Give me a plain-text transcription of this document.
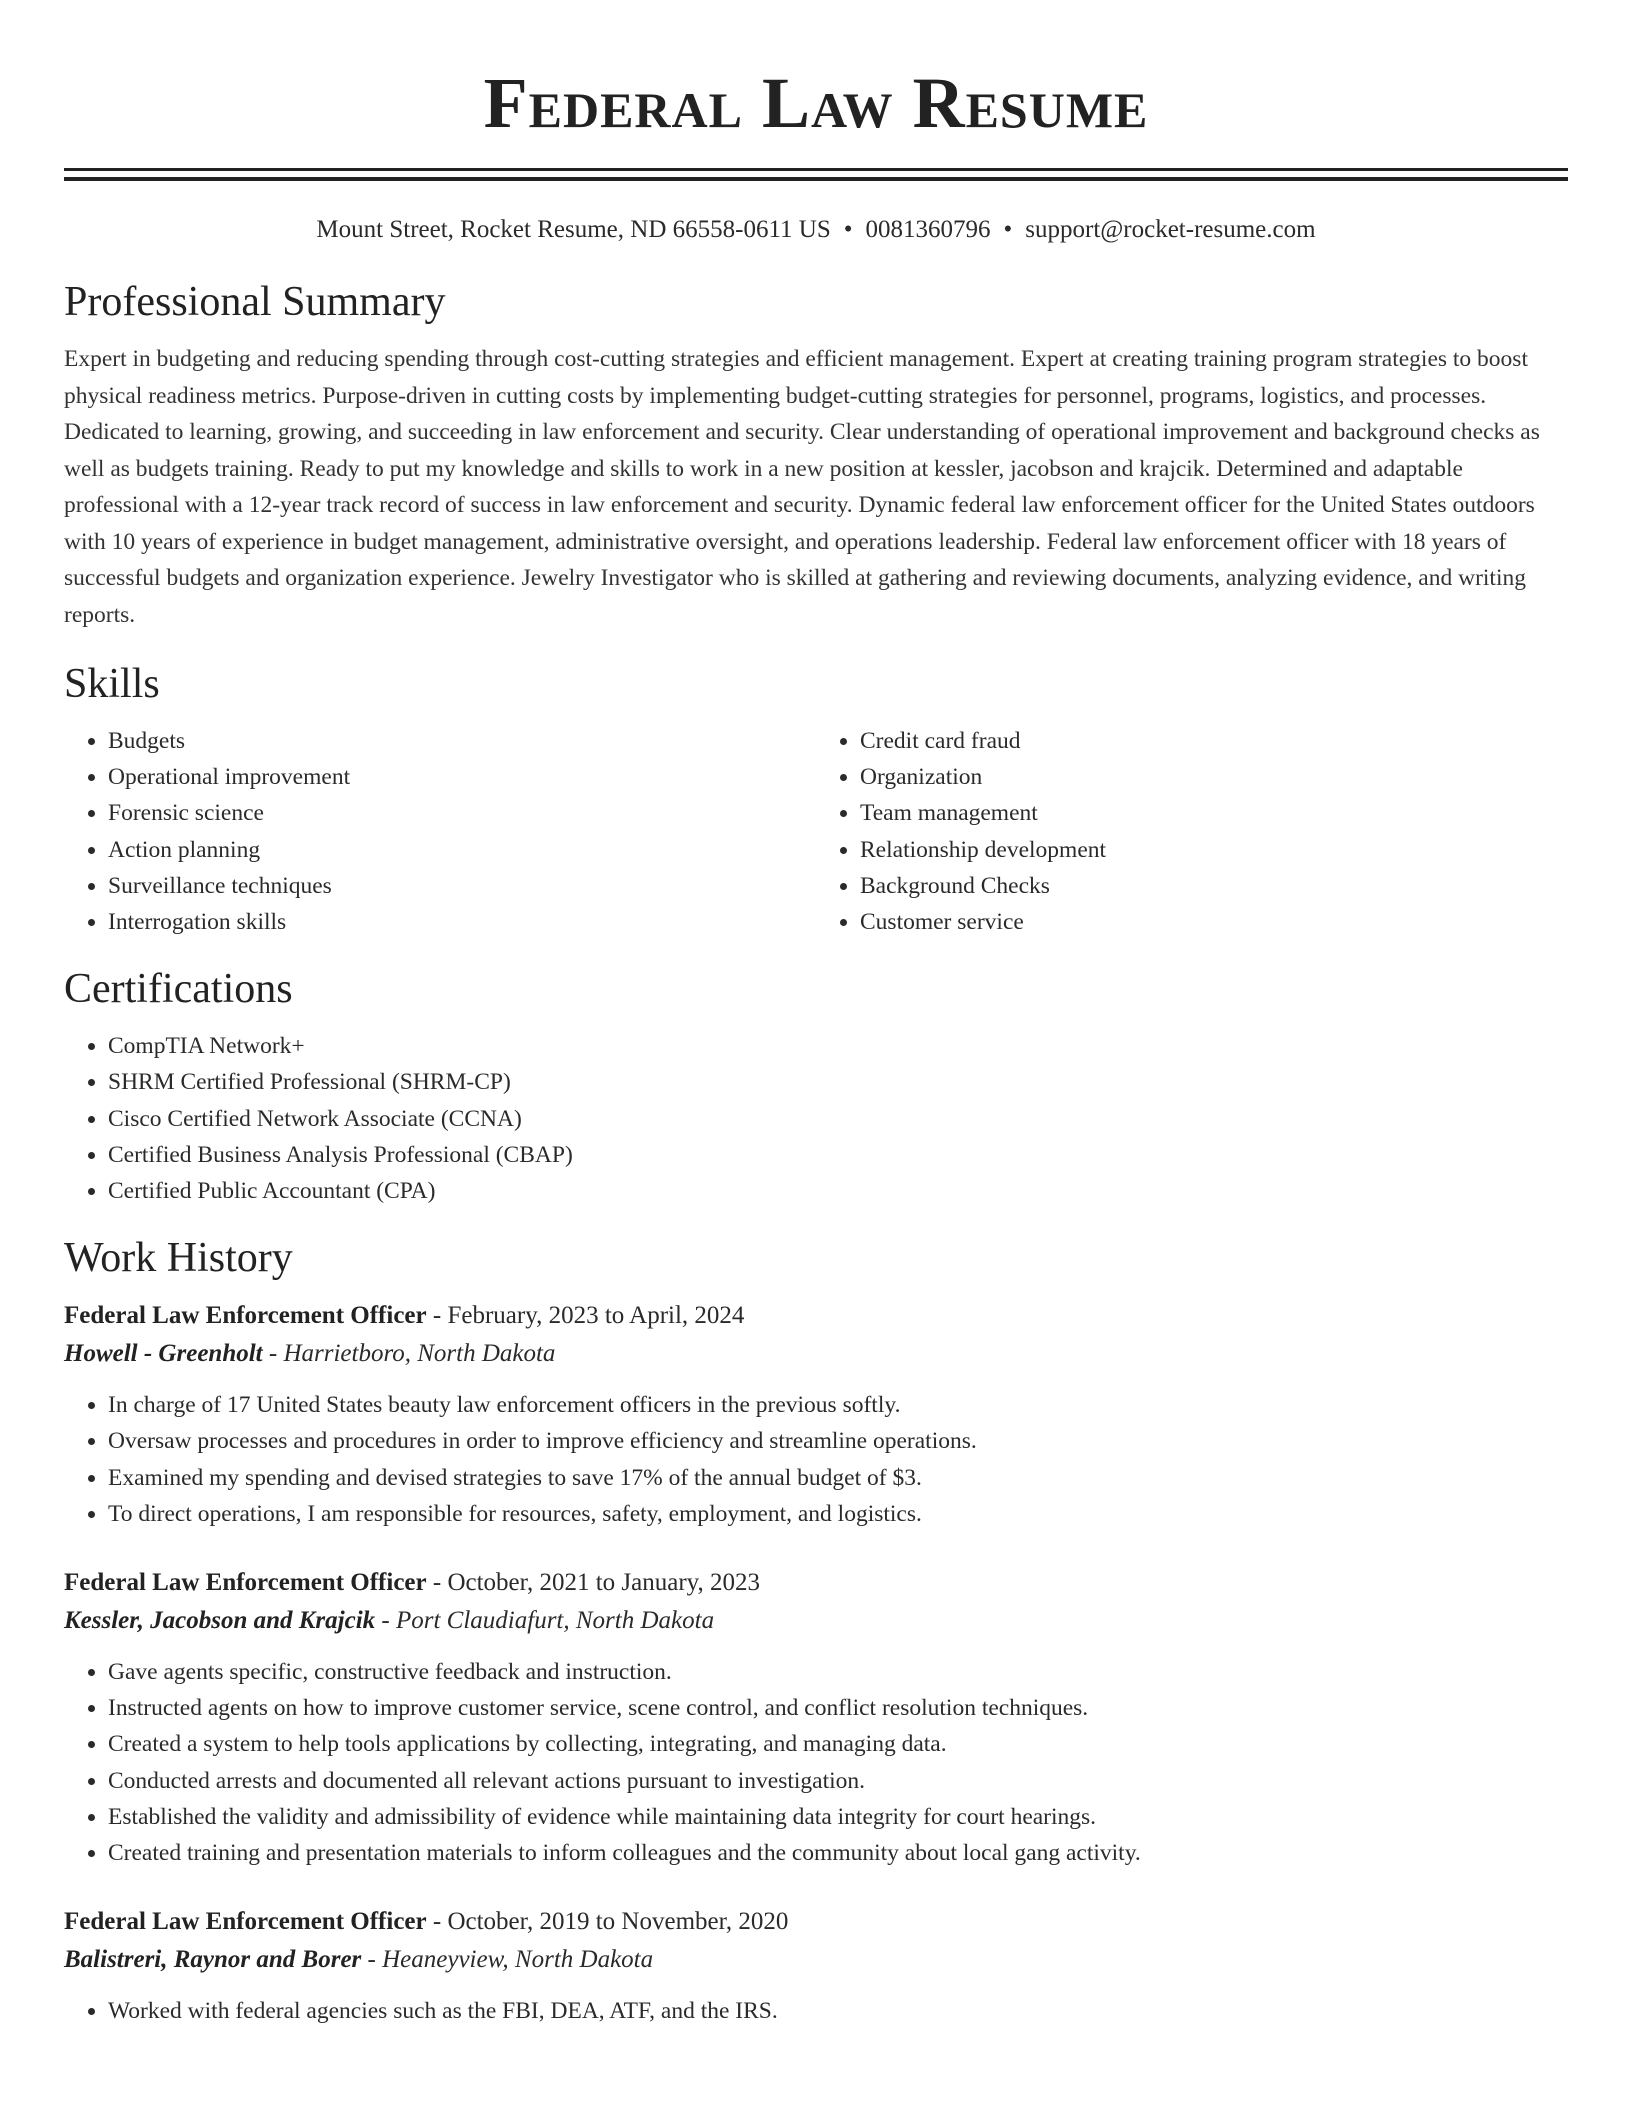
Federal Law Resume
Mount Street, Rocket Resume, ND 66558-0611 US • 0081360796 • support@rocket-resume.com
Professional Summary
Expert in budgeting and reducing spending through cost-cutting strategies and efficient management. Expert at creating training program strategies to boost physical readiness metrics. Purpose-driven in cutting costs by implementing budget-cutting strategies for personnel, programs, logistics, and processes. Dedicated to learning, growing, and succeeding in law enforcement and security. Clear understanding of operational improvement and background checks as well as budgets training. Ready to put my knowledge and skills to work in a new position at kessler, jacobson and krajcik. Determined and adaptable professional with a 12-year track record of success in law enforcement and security. Dynamic federal law enforcement officer for the United States outdoors with 10 years of experience in budget management, administrative oversight, and operations leadership. Federal law enforcement officer with 18 years of successful budgets and organization experience. Jewelry Investigator who is skilled at gathering and reviewing documents, analyzing evidence, and writing reports.
Skills
• Budgets
• Operational improvement
• Forensic science
• Action planning
• Surveillance techniques
• Interrogation skills
• Credit card fraud
• Organization
• Team management
• Relationship development
• Background Checks
• Customer service
Certifications
• CompTIA Network+
• SHRM Certified Professional (SHRM-CP)
• Cisco Certified Network Associate (CCNA)
• Certified Business Analysis Professional (CBAP)
• Certified Public Accountant (CPA)
Work History
Federal Law Enforcement Officer - February, 2023 to April, 2024
Howell - Greenholt - Harrietboro, North Dakota
• In charge of 17 United States beauty law enforcement officers in the previous softly.
• Oversaw processes and procedures in order to improve efficiency and streamline operations.
• Examined my spending and devised strategies to save 17% of the annual budget of $3.
• To direct operations, I am responsible for resources, safety, employment, and logistics.
Federal Law Enforcement Officer - October, 2021 to January, 2023
Kessler, Jacobson and Krajcik - Port Claudiafurt, North Dakota
• Gave agents specific, constructive feedback and instruction.
• Instructed agents on how to improve customer service, scene control, and conflict resolution techniques.
• Created a system to help tools applications by collecting, integrating, and managing data.
• Conducted arrests and documented all relevant actions pursuant to investigation.
• Established the validity and admissibility of evidence while maintaining data integrity for court hearings.
• Created training and presentation materials to inform colleagues and the community about local gang activity.
Federal Law Enforcement Officer - October, 2019 to November, 2020
Balistreri, Raynor and Borer - Heaneyview, North Dakota
• Worked with federal agencies such as the FBI, DEA, ATF, and the IRS.
